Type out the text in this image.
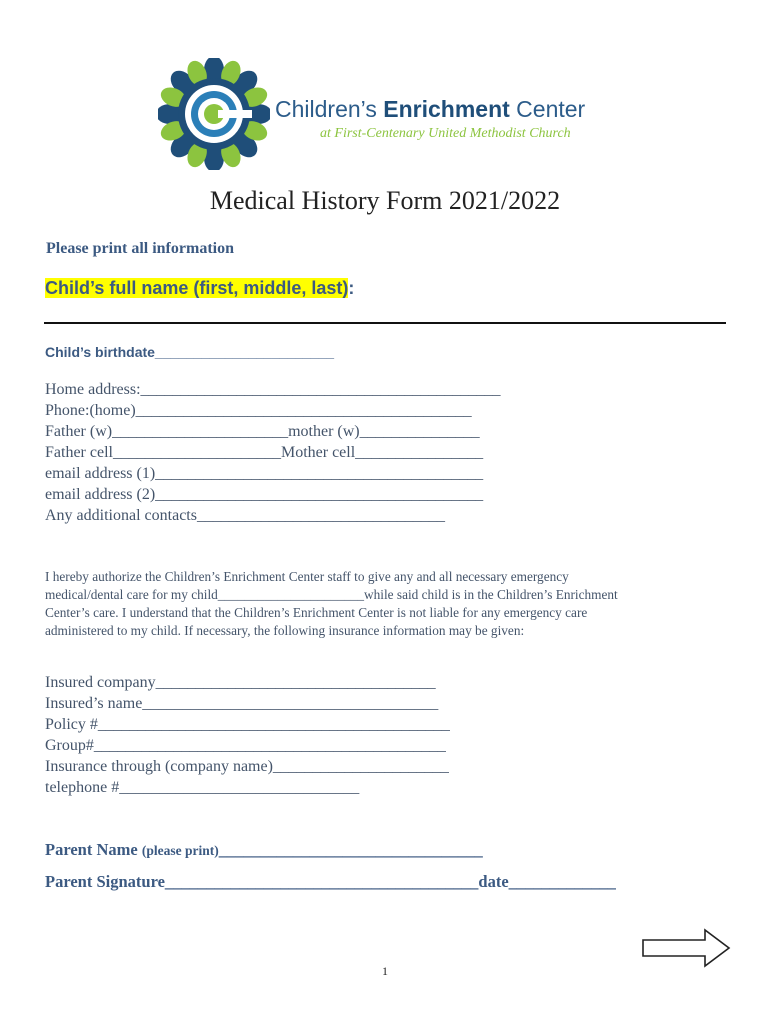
Children’s Enrichment Center
at First-Centenary United Methodist Church
Medical History Form 2021/2022
Please print all information
Child’s full name (first, middle, last):
Child’s birthdate_______________________
Home address:_____________________________________________
Phone:(home)__________________________________________
Father (w)______________________mother (w)_______________
Father cell_____________________Mother cell________________
email address (1)_________________________________________
email address (2)_________________________________________
Any additional contacts_______________________________
I hereby authorize the Children’s Enrichment Center staff to give any and all necessary emergency
medical/dental care for my child______________________while said child is in the Children’s Enrichment
Center’s care. I understand that the Children’s Enrichment Center is not liable for any emergency care
administered to my child. If necessary, the following insurance information may be given:
Insured company___________________________________
Insured’s name_____________________________________
Policy #____________________________________________
Group#____________________________________________
Insurance through (company name)______________________
telephone #______________________________
Parent Name (please print)________________________________
Parent Signature______________________________________date_____________
1
